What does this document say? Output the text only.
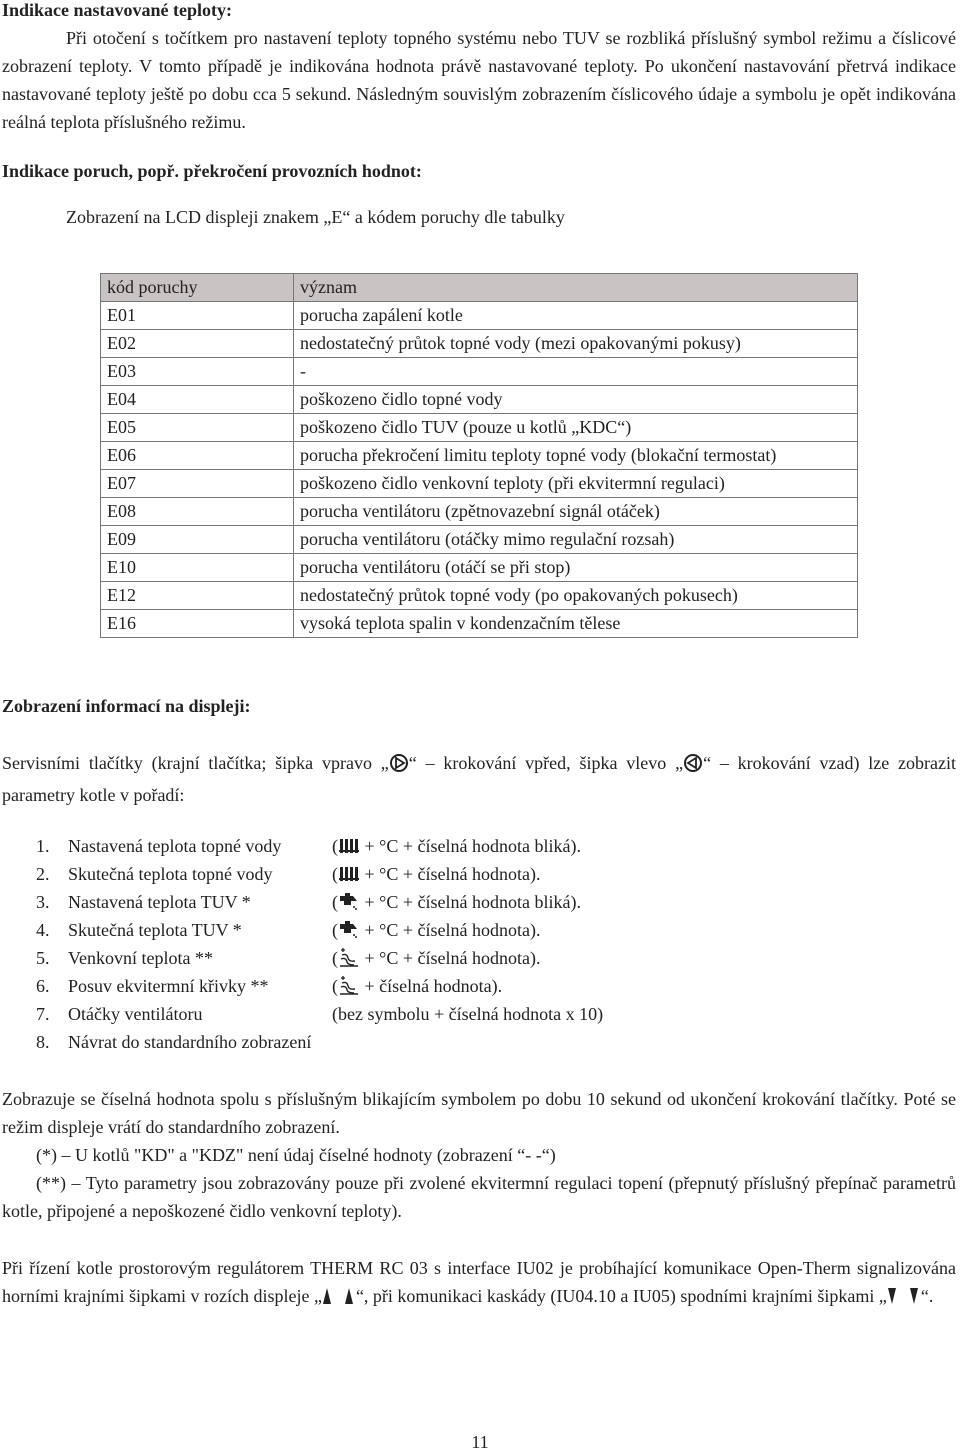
Indikace nastavované teploty:

Při otočení s točítkem pro nastavení teploty topného systému nebo TUV se rozbliká příslušný symbol režimu a číslicové zobrazení teploty. V tomto případě je indikována hodnota právě nastavované teploty. Po ukončení nastavování přetrvá indikace nastavované teploty ještě po dobu cca 5 sekund. Následným souvislým zobrazením číslicového údaje a symbolu je opět indikována reálná teplota příslušného režimu.

Indikace poruch, popř. překročení provozních hodnot:
Zobrazení na LCD displeji znakem „E“ a kódem poruchy dle tabulky
kód poruchy	význam
E01	porucha zapálení kotle
E02	nedostatečný průtok topné vody (mezi opakovanými pokusy)
E03	-
E04	poškozeno čidlo topné vody
E05	poškozeno čidlo TUV (pouze u kotlů „KDC“)
E06	porucha překročení limitu teploty topné vody (blokační termostat)
E07	poškozeno čidlo venkovní teploty (při ekvitermní regulaci)
E08	porucha ventilátoru (zpětnovazební signál otáček)
E09	porucha ventilátoru (otáčky mimo regulační rozsah)
E10	porucha ventilátoru (otáčí se při stop)
E12	nedostatečný průtok topné vody (po opakovaných pokusech)
E16	vysoká teplota spalin v kondenzačním tělese
Zobrazení informací na displeji:
Servisními tlačítky (krajní tlačítka; šipka vpravo „ “ – krokování vpřed, šipka vlevo „ “ – krokování vzad) lze zobrazit parametry kotle v pořadí:
1. Nastavená teplota topné vody	( + °C + číselná hodnota bliká).
2. Skutečná teplota topné vody	( + °C + číselná hodnota).
3. Nastavená teplota TUV *	( + °C + číselná hodnota bliká).
4. Skutečná teplota TUV *	( + °C + číselná hodnota).
5. Venkovní teplota **	( + °C + číselná hodnota).
6. Posuv ekvitermní křivky **	( + číselná hodnota).
7. Otáčky ventilátoru	(bez symbolu + číselná hodnota x 10)
8. Návrat do standardního zobrazení

Zobrazuje se číselná hodnota spolu s příslušným blikajícím symbolem po dobu 10 sekund od ukončení krokování tlačítky. Poté se režim displeje vrátí do standardního zobrazení.

(*) – U kotlů "KD" a "KDZ" není údaj číselné hodnoty (zobrazení “- -“)

(**) – Tyto parametry jsou zobrazovány pouze při zvolené ekvitermní regulaci topení (přepnutý příslušný přepínač parametrů kotle, připojené a nepoškozené čidlo venkovní teploty).

Při řízení kotle prostorovým regulátorem THERM RC 03 s interface IU02 je probíhající komunikace Open-Therm signalizována horními krajními šipkami v rozích displeje „ “, při komunikaci kaskády (IU04.10 a IU05) spodními krajními šipkami „ “.
11
